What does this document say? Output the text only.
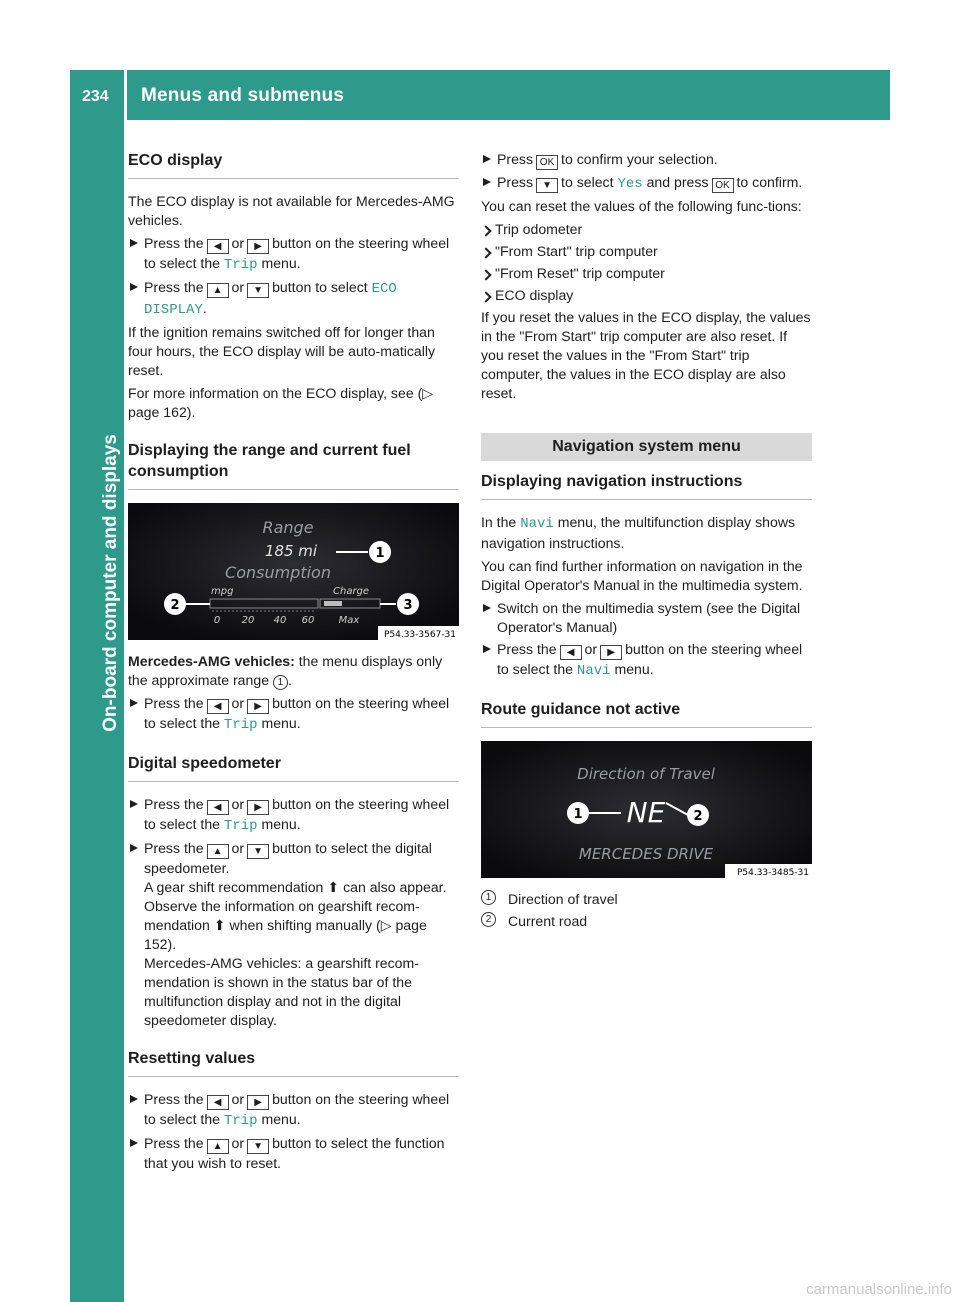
234 Menus and submenus
On-board computer and displays
ECO display

The ECO display is not available for Mercedes-AMG vehicles.

Press the ◀ or ▶ button on the steering wheel to select the Trip menu.
Press the ▲ or ▼ button to select ECO DISPLAY.

If the ignition remains switched off for longer than four hours, the ECO display will be auto-matically reset.

For more information on the ECO display, see (▷ page 162).

Displaying the range and current fuel consumption
Range
185 mi	1
Consumption
mpg	Charge
2	3
0 20 40 60 Max
P54.33-3567-31

Mercedes-AMG vehicles: the menu displays only the approximate range 1 .

Press the ◀ or ▶ button on the steering wheel to select the Trip menu.
Digital speedometer
Press the ◀ or ▶ button on the steering wheel to select the Trip menu.
Press the ▲ or ▼ button to select the digital speedometer.
A gear shift recommendation ⬆ can also appear.
Observe the information on gearshift recom-mendation ⬆ when shifting manually (▷ page 152).
Mercedes-AMG vehicles: a gearshift recom-mendation is shown in the status bar of the multifunction display and not in the digital speedometer display.
Resetting values
Press the ◀ or ▶ button on the steering wheel to select the Trip menu.
Press the ▲ or ▼ button to select the function that you wish to reset.
Press OK to confirm your selection.
Press ▼ to select Yes and press OK to confirm.

You can reset the values of the following func-tions:

Trip odometer
"From Start" trip computer
"From Reset" trip computer
ECO display

If you reset the values in the ECO display, the values in the "From Start" trip computer are also reset. If you reset the values in the "From Start" trip computer, the values in the ECO display are also reset.

Navigation system menu
Displaying navigation instructions

In the Navi menu, the multifunction display shows navigation instructions.

You can find further information on navigation in the Digital Operator's Manual in the multimedia system.

Switch on the multimedia system (see the Digital Operator's Manual)
Press the ◀ or ▶ button on the steering wheel to select the Navi menu.
Route guidance not active
Direction of Travel
1 NE 2
MERCEDES DRIVE
P54.33-3485-31
1	Direction of travel
2	Current road
carmanualsonline.info
